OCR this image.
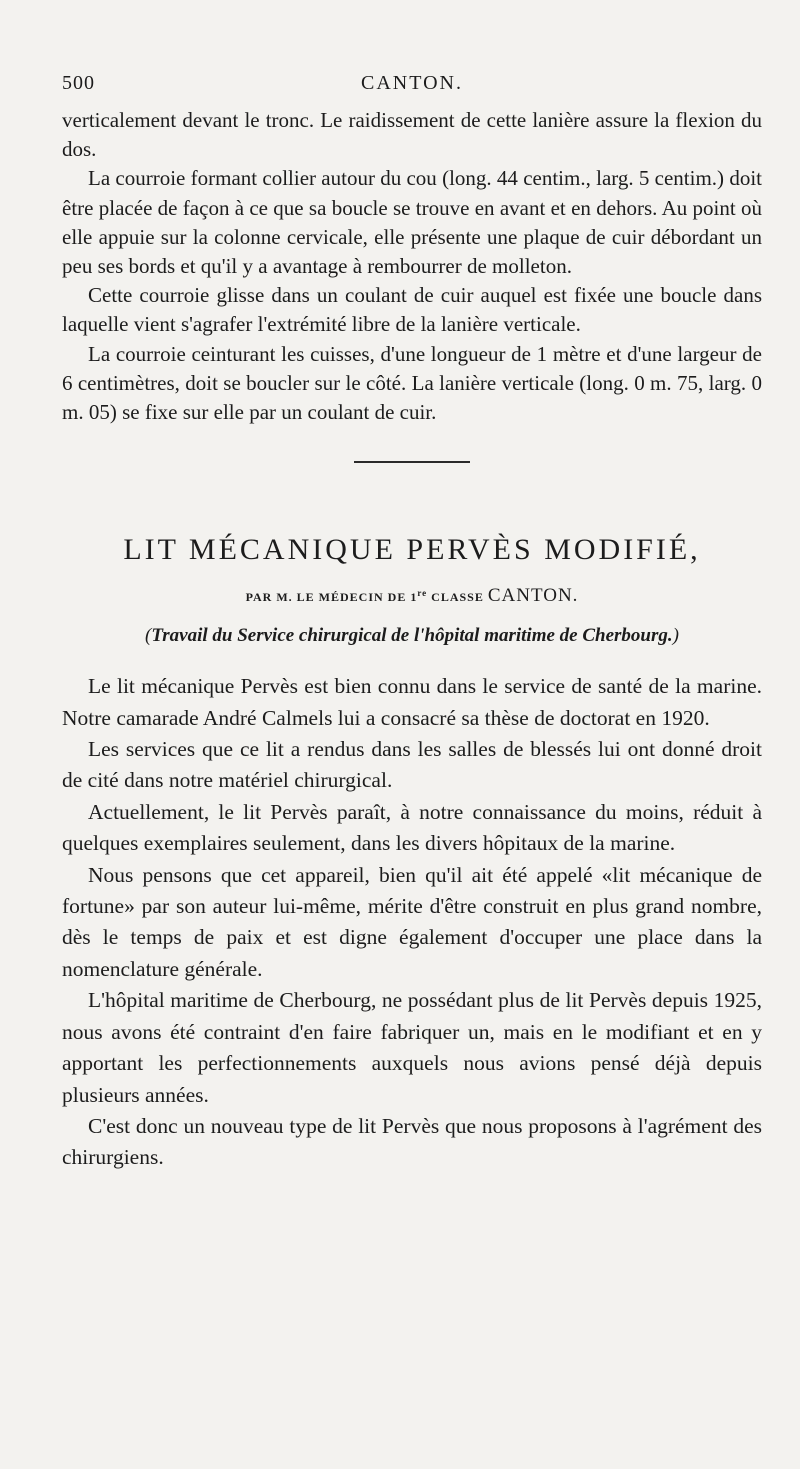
500	CANTON.

verticalement devant le tronc. Le raidissement de cette lanière assure la flexion du dos.

La courroie formant collier autour du cou (long. 44 centim., larg. 5 centim.) doit être placée de façon à ce que sa boucle se trouve en avant et en dehors. Au point où elle appuie sur la colonne cervicale, elle présente une plaque de cuir débordant un peu ses bords et qu'il y a avantage à rembourrer de molleton.

Cette courroie glisse dans un coulant de cuir auquel est fixée une boucle dans laquelle vient s'agrafer l'extrémité libre de la lanière verticale.

La courroie ceinturant les cuisses, d'une longueur de 1 mètre et d'une largeur de 6 centimètres, doit se boucler sur le côté. La lanière verticale (long. 0 m. 75, larg. 0 m. 05) se fixe sur elle par un coulant de cuir.

LIT MÉCANIQUE PERVÈS MODIFIÉ,
PAR M. LE MÉDECIN DE 1re CLASSE CANTON.
(Travail du Service chirurgical de l'hôpital maritime de Cherbourg.)

Le lit mécanique Pervès est bien connu dans le service de santé de la marine. Notre camarade André Calmels lui a consacré sa thèse de doctorat en 1920.

Les services que ce lit a rendus dans les salles de blessés lui ont donné droit de cité dans notre matériel chirurgical.

Actuellement, le lit Pervès paraît, à notre connaissance du moins, réduit à quelques exemplaires seulement, dans les divers hôpitaux de la marine.

Nous pensons que cet appareil, bien qu'il ait été appelé «lit mécanique de fortune» par son auteur lui-même, mérite d'être construit en plus grand nombre, dès le temps de paix et est digne également d'occuper une place dans la nomenclature générale.

L'hôpital maritime de Cherbourg, ne possédant plus de lit Pervès depuis 1925, nous avons été contraint d'en faire fabriquer un, mais en le modifiant et en y apportant les perfectionnements auxquels nous avions pensé déjà depuis plusieurs années.

C'est donc un nouveau type de lit Pervès que nous proposons à l'agrément des chirurgiens.
